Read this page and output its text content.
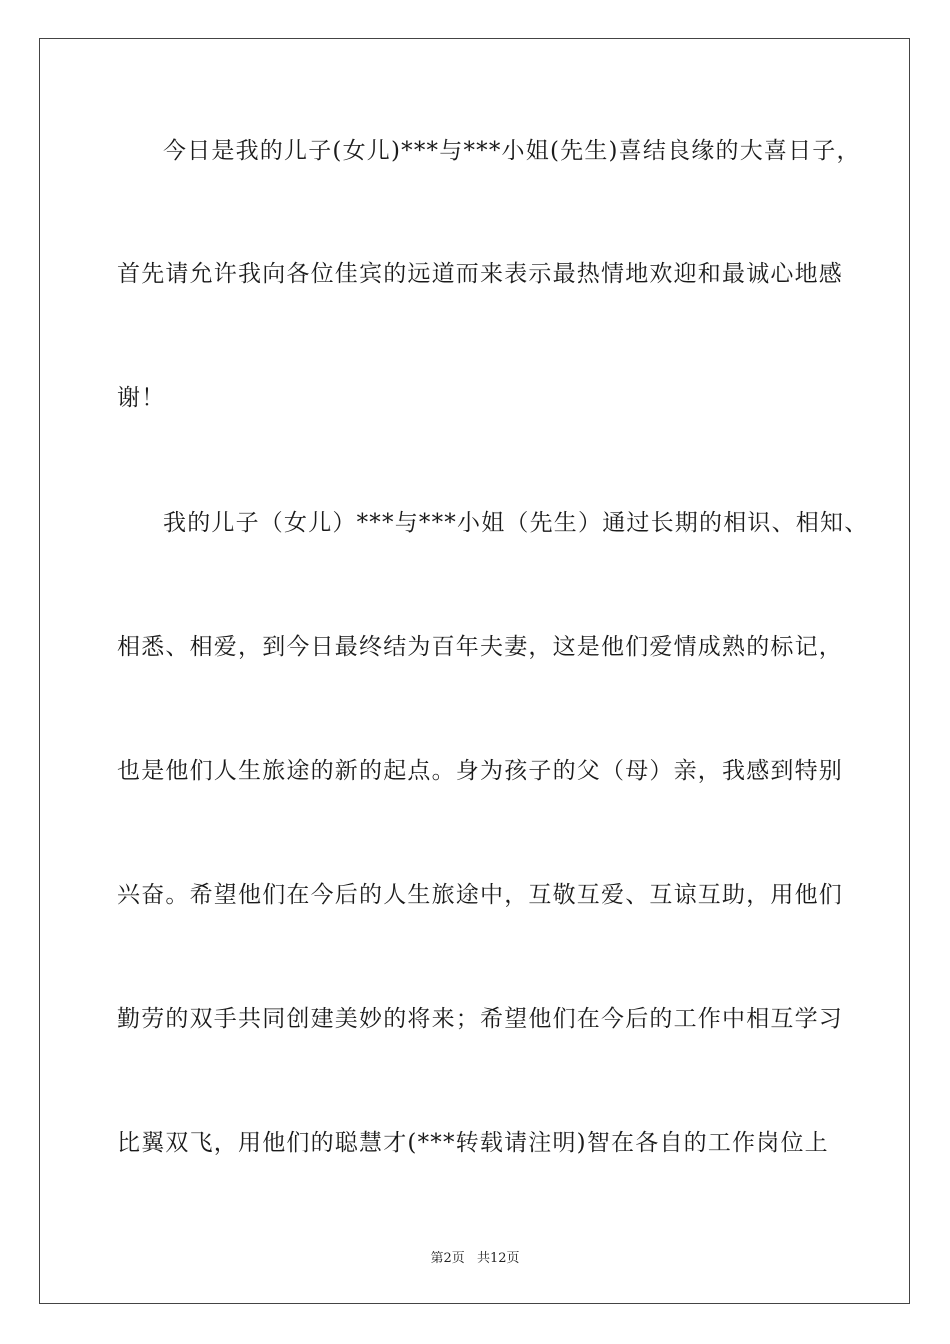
今日是我的儿子(女儿)***与***小姐(先生)喜结良缘的大喜日子，
首先请允许我向各位佳宾的远道而来表示最热情地欢迎和最诚心地感
谢！
我的儿子（女儿）***与***小姐（先生）通过长期的相识、相知、
相悉、相爱，到今日最终结为百年夫妻，这是他们爱情成熟的标记，
也是他们人生旅途的新的起点。身为孩子的父（母）亲，我感到特别
兴奋。希望他们在今后的人生旅途中，互敬互爱、互谅互助，用他们
勤劳的双手共同创建美妙的将来；希望他们在今后的工作中相互学习
比翼双飞，用他们的聪慧才(***转载请注明)智在各自的工作岗位上
第2页 共12页
